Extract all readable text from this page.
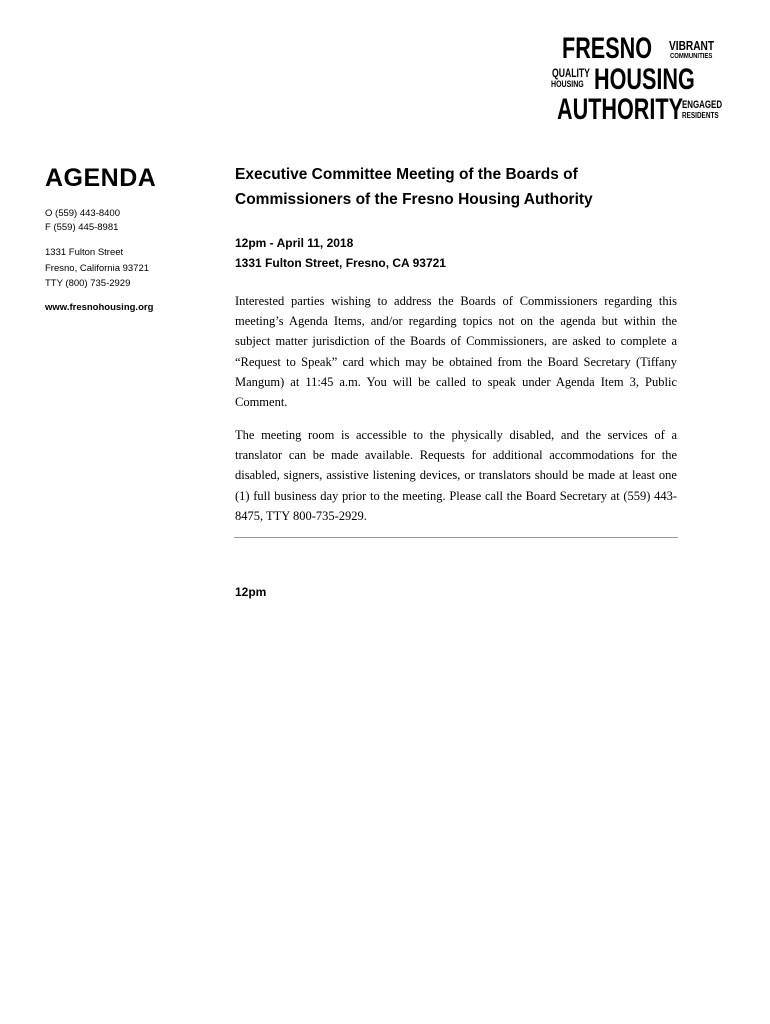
FRESNO VIBRANT
COMMUNITIES
QUALITY
HOUSING HOUSING
AUTHORITY ENGAGED
RESIDENTS
AGENDA
O (559) 443-8400
F (559) 445-8981
1331 Fulton Street
Fresno, California 93721
TTY (800) 735-2929
www.fresnohousing.org
Executive Committee Meeting of the Boards of
Commissioners of the Fresno Housing Authority
12pm - April 11, 2018
1331 Fulton Street, Fresno, CA 93721
Interested parties wishing to address the Boards of Commissioners regarding this meeting’s Agenda Items, and/or regarding topics not on the agenda but within the subject matter jurisdiction of the Boards of Commissioners, are asked to complete a “Request to Speak” card which may be obtained from the Board Secretary (Tiffany Mangum) at 11:45 a.m. You will be called to speak under Agenda Item 3, Public Comment.
The meeting room is accessible to the physically disabled, and the services of a translator can be made available. Requests for additional accommodations for the disabled, signers, assistive listening devices, or translators should be made at least one (1) full business day prior to the meeting. Please call the Board Secretary at (559) 443-8475, TTY 800-735-2929.
12pm
